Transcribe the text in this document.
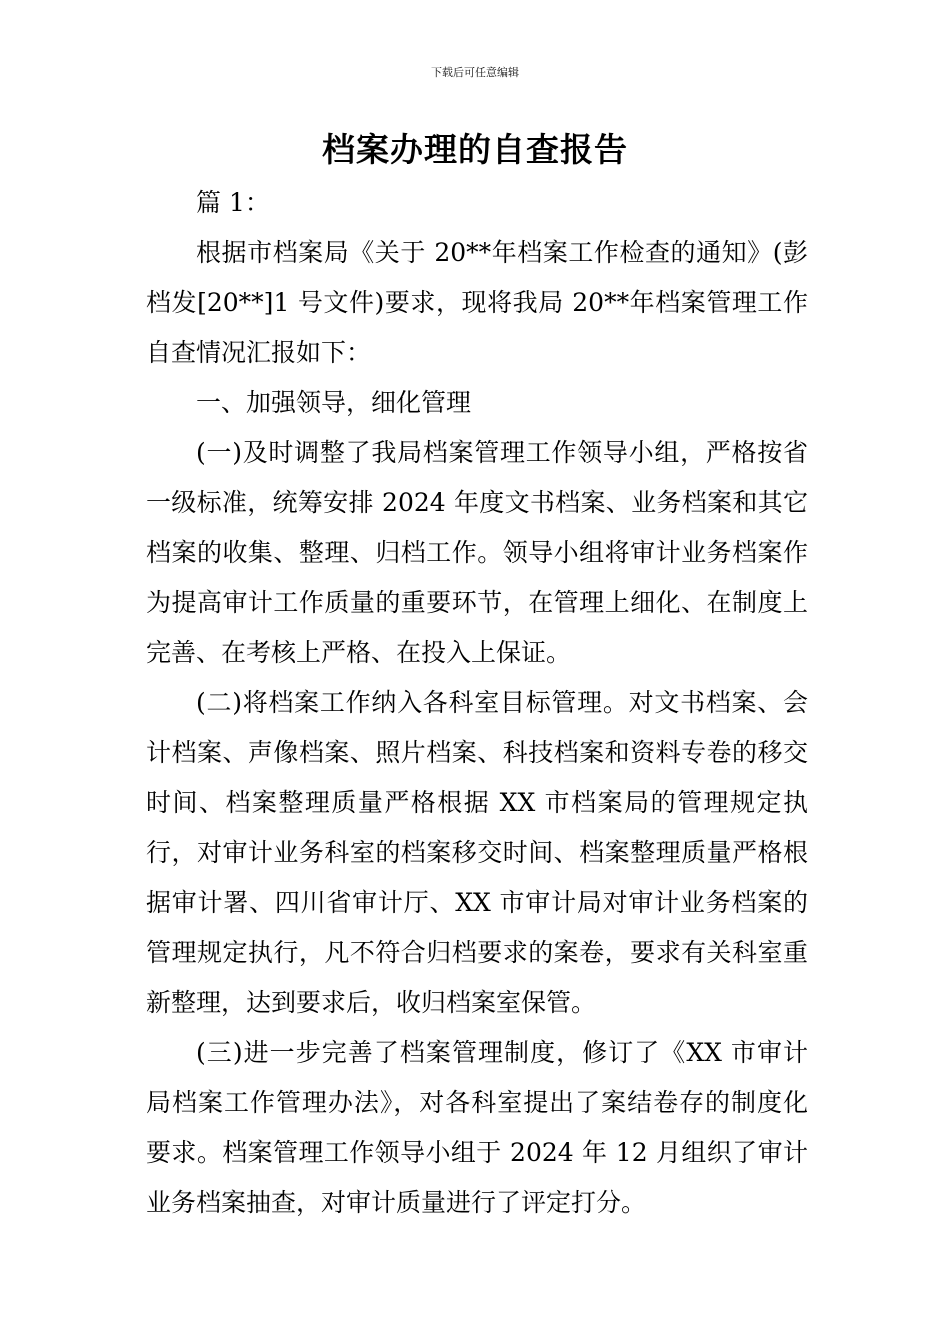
下载后可任意编辑
档案办理的自查报告

篇 1：

根据市档案局《关于 20**年档案工作检查的通知》(彭档发[20**]1 号文件)要求，现将我局 20**年档案管理工作自查情况汇报如下：

一、加强领导，细化管理

(一)及时调整了我局档案管理工作领导小组，严格按省一级标准，统筹安排 2024 年度文书档案、业务档案和其它档案的收集、整理、归档工作。领导小组将审计业务档案作为提高审计工作质量的重要环节，在管理上细化、在制度上完善、在考核上严格、在投入上保证。

(二)将档案工作纳入各科室目标管理。对文书档案、会计档案、声像档案、照片档案、科技档案和资料专卷的移交时间、档案整理质量严格根据 XX 市档案局的管理规定执行，对审计业务科室的档案移交时间、档案整理质量严格根据审计署、四川省审计厅、XX 市审计局对审计业务档案的管理规定执行，凡不符合归档要求的案卷，要求有关科室重新整理，达到要求后，收归档案室保管。

(三)进一步完善了档案管理制度，修订了《XX 市审计局档案工作管理办法》，对各科室提出了案结卷存的制度化要求。档案管理工作领导小组于 2024 年 12 月组织了审计业务档案抽查，对审计质量进行了评定打分。
